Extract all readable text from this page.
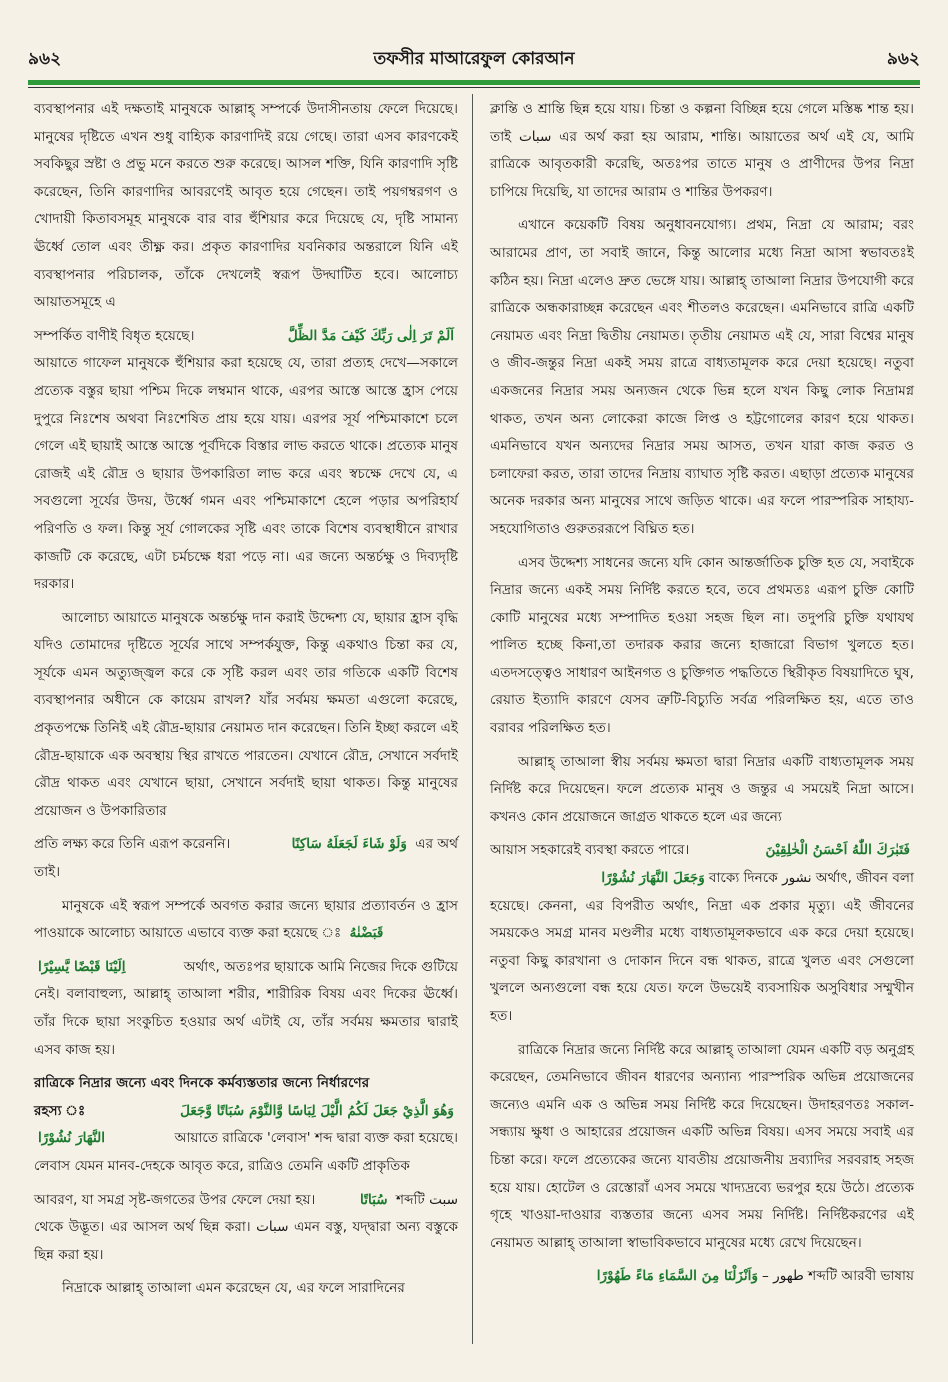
৯৬২	তফসীর মাআরেফুল কোরআন	৯৬২

ব্যবস্থাপনার এই দক্ষতাই মানুষকে আল্লাহ্ সম্পর্কে উদাসীনতায় ফেলে দিয়েছে। মানুষের দৃষ্টিতে এখন শুধু বাহ্যিক কারণাদিই রয়ে গেছে। তারা এসব কারণকেই সবকিছুর স্রষ্টা ও প্রভু মনে করতে শুরু করেছে। আসল শক্তি, যিনি কারণাদি সৃষ্টি করেছেন, তিনি কারণাদির আবরণেই আবৃত হয়ে গেছেন। তাই পয়গম্বরগণ ও খোদায়ী কিতাবসমূহ মানুষকে বার বার হুঁশিয়ার করে দিয়েছে যে, দৃষ্টি সামান্য ঊর্ধ্বে তোল এবং তীক্ষ্ণ কর। প্রকৃত কারণাদির যবনিকার অন্তরালে যিনি এই ব্যবস্থাপনার পরিচালক, তাঁকে দেখলেই স্বরূপ উদ্ঘাটিত হবে। আলোচ্য আয়াতসমূহে এ

সম্পর্কিত বাণীই বিধৃত হয়েছে।	اَلَمْ تَرَ اِلٰى رَبِّكَ كَيْفَ مَدَّ الظِّلَّ

আয়াতে গাফেল মানুষকে হুঁশিয়ার করা হয়েছে যে, তারা প্রত্যহ দেখে—সকালে প্রত্যেক বস্তুর ছায়া পশ্চিম দিকে লম্বমান থাকে, এরপর আস্তে আস্তে হ্রাস পেয়ে দুপুরে নিঃশেষ অথবা নিঃশেষিত প্রায় হয়ে যায়। এরপর সূর্য পশ্চিমাকাশে চলে গেলে এই ছায়াই আস্তে আস্তে পূর্বদিকে বিস্তার লাভ করতে থাকে। প্রত্যেক মানুষ রোজই এই রৌদ্র ও ছায়ার উপকারিতা লাভ করে এবং স্বচক্ষে দেখে যে, এ সবগুলো সূর্যের উদয়, উর্ধ্বে গমন এবং পশ্চিমাকাশে হেলে পড়ার অপরিহার্য পরিণতি ও ফল। কিন্তু সূর্য গোলকের সৃষ্টি এবং তাকে বিশেষ ব্যবস্থাধীনে রাখার কাজটি কে করেছে, এটা চর্মচক্ষে ধরা পড়ে না। এর জন্যে অন্তর্চক্ষু ও দিব্যদৃষ্টি দরকার।

আলোচ্য আয়াতে মানুষকে অন্তর্চক্ষু দান করাই উদ্দেশ্য যে, ছায়ার হ্রাস বৃদ্ধি যদিও তোমাদের দৃষ্টিতে সূর্যের সাথে সম্পর্কযুক্ত, কিন্তু একথাও চিন্তা কর যে, সূর্যকে এমন অত্যুজ্জ্বল করে কে সৃষ্টি করল এবং তার গতিকে একটি বিশেষ ব্যবস্থাপনার অধীনে কে কায়েম রাখল? যাঁর সর্বময় ক্ষমতা এগুলো করেছে, প্রকৃতপক্ষে তিনিই এই রৌদ্র-ছায়ার নেয়ামত দান করেছেন। তিনি ইচ্ছা করলে এই রৌদ্র-ছায়াকে এক অবস্থায় স্থির রাখতে পারতেন। যেখানে রৌদ্র, সেখানে সর্বদাই রৌদ্র থাকত এবং যেখানে ছায়া, সেখানে সর্বদাই ছায়া থাকত। কিন্তু মানুষের প্রয়োজন ও উপকারিতার

প্রতি লক্ষ্য করে তিনি এরূপ করেননি।	وَلَوْ شَاءَ لَجَعَلَهُ سَاكِنًا এর অর্থ

তাই।

মানুষকে এই স্বরূপ সম্পর্কে অবগত করার জন্যে ছায়ার প্রত্যাবর্তন ও হ্রাস পাওয়াকে আলোচ্য আয়াতে এভাবে ব্যক্ত করা হয়েছে ঃ قَبَضْنٰهُ

اِلَيْنَا قَبْضًا يَّسِيْرًا	অর্থাৎ, অতঃপর ছায়াকে আমি নিজের দিকে গুটিয়ে

নেই। বলাবাহুল্য, আল্লাহ্ তাআলা শরীর, শারীরিক বিষয় এবং দিকের ঊর্ধ্বে। তাঁর দিকে ছায়া সংকুচিত হওয়ার অর্থ এটাই যে, তাঁর সর্বময় ক্ষমতার দ্বারাই এসব কাজ হয়।

রাত্রিকে নিদ্রার জন্যে এবং দিনকে কর্মব্যস্ততার জন্যে নির্ধারণের
রহস্য ঃ	وَهُوَ الَّذِيْ جَعَلَ لَكُمُ الَّيْلَ لِبَاسًا وَّالنَّوْمَ سُبَاتًا وَّجَعَلَ
النَّهَارَ نُشُوْرًا	আয়াতে রাত্রিকে 'লেবাস' শব্দ দ্বারা ব্যক্ত করা হয়েছে।

লেবাস যেমন মানব-দেহকে আবৃত করে, রাত্রিও তেমনি একটি প্রাকৃতিক

আবরণ, যা সমগ্র সৃষ্ট-জগতের উপর ফেলে দেয়া হয়।	سُبَاتًا শব্দটি سبت

থেকে উদ্ভূত। এর আসল অর্থ ছিন্ন করা। سبات এমন বস্তু, যদ্দ্বারা অন্য বস্তুকে ছিন্ন করা হয়।

নিদ্রাকে আল্লাহ্ তাআলা এমন করেছেন যে, এর ফলে সারাদিনের

ক্লান্তি ও শ্রান্তি ছিন্ন হয়ে যায়। চিন্তা ও কল্পনা বিচ্ছিন্ন হয়ে গেলে মস্তিষ্ক শান্ত হয়। তাই سبات এর অর্থ করা হয় আরাম, শান্তি। আয়াতের অর্থ এই যে, আমি রাত্রিকে আবৃতকারী করেছি, অতঃপর তাতে মানুষ ও প্রাণীদের উপর নিদ্রা চাপিয়ে দিয়েছি, যা তাদের আরাম ও শান্তির উপকরণ।

এখানে কয়েকটি বিষয় অনুধাবনযোগ্য। প্রথম, নিদ্রা যে আরাম; বরং আরামের প্রাণ, তা সবাই জানে, কিন্তু আলোর মধ্যে নিদ্রা আসা স্বভাবতঃই কঠিন হয়। নিদ্রা এলেও দ্রুত ভেঙ্গে যায়। আল্লাহ্ তাআলা নিদ্রার উপযোগী করে রাত্রিকে অন্ধকারাচ্ছন্ন করেছেন এবং শীতলও করেছেন। এমনিভাবে রাত্রি একটি নেয়ামত এবং নিদ্রা দ্বিতীয় নেয়ামত। তৃতীয় নেয়ামত এই যে, সারা বিশ্বের মানুষ ও জীব-জন্তুর নিদ্রা একই সময় রাত্রে বাধ্যতামূলক করে দেয়া হয়েছে। নতুবা একজনের নিদ্রার সময় অন্যজন থেকে ভিন্ন হলে যখন কিছু লোক নিদ্রামগ্ন থাকত, তখন অন্য লোকেরা কাজে লিপ্ত ও হট্টগোলের কারণ হয়ে থাকত। এমনিভাবে যখন অন্যদের নিদ্রার সময় আসত, তখন যারা কাজ করত ও চলাফেরা করত, তারা তাদের নিদ্রায় ব্যাঘাত সৃষ্টি করত। এছাড়া প্রত্যেক মানুষের অনেক দরকার অন্য মানুষের সাথে জড়িত থাকে। এর ফলে পারস্পরিক সাহায্য-সহযোগিতাও গুরুতররূপে বিঘ্নিত হত।

এসব উদ্দেশ্য সাধনের জন্যে যদি কোন আন্তর্জাতিক চুক্তি হত যে, সবাইকে নিদ্রার জন্যে একই সময় নির্দিষ্ট করতে হবে, তবে প্রথমতঃ এরূপ চুক্তি কোটি কোটি মানুষের মধ্যে সম্পাদিত হওয়া সহজ ছিল না। তদুপরি চুক্তি যথাযথ পালিত হচ্ছে কিনা,তা তদারক করার জন্যে হাজারো বিভাগ খুলতে হত। এতদসত্ত্বেও সাধারণ আইনগত ও চুক্তিগত পদ্ধতিতে স্থিরীকৃত বিষয়াদিতে ঘুষ, রেয়াত ইত্যাদি কারণে যেসব ত্রুটি-বিচ্যুতি সর্বত্র পরিলক্ষিত হয়, এতে তাও বরাবর পরিলক্ষিত হত।

আল্লাহ্ তাআলা স্বীয় সর্বময় ক্ষমতা দ্বারা নিদ্রার একটি বাধ্যতামূলক সময় নির্দিষ্ট করে দিয়েছেন। ফলে প্রত্যেক মানুষ ও জন্তুর এ সময়েই নিদ্রা আসে। কখনও কোন প্রয়োজনে জাগ্রত থাকতে হলে এর জন্যে

আয়াস সহকারেই ব্যবস্থা করতে পারে।	فَتَبٰرَكَ اللّٰهُ اَحْسَنُ الْخٰلِقِيْنَ
وَجَعَلَ النَّهَارَ نُشُوْرًا বাক্যে দিনকে نشور অর্থাৎ, জীবন বলা

হয়েছে। কেননা, এর বিপরীত অর্থাৎ, নিদ্রা এক প্রকার মৃত্যু। এই জীবনের সময়কেও সমগ্র মানব মণ্ডলীর মধ্যে বাধ্যতামূলকভাবে এক করে দেয়া হয়েছে। নতুবা কিছু কারখানা ও দোকান দিনে বন্ধ থাকত, রাত্রে খুলত এবং সেগুলো খুললে অন্যগুলো বন্ধ হয়ে যেত। ফলে উভয়েই ব্যবসায়িক অসুবিধার সম্মুখীন হত।

রাত্রিকে নিদ্রার জন্যে নির্দিষ্ট করে আল্লাহ্ তাআলা যেমন একটি বড় অনুগ্রহ করেছেন, তেমনিভাবে জীবন ধারণের অন্যান্য পারস্পরিক অভিন্ন প্রয়োজনের জন্যেও এমনি এক ও অভিন্ন সময় নির্দিষ্ট করে দিয়েছেন। উদাহরণতঃ সকাল-সন্ধ্যায় ক্ষুধা ও আহারের প্রয়োজন একটি অভিন্ন বিষয়। এসব সময়ে সবাই এর চিন্তা করে। ফলে প্রত্যেকের জন্যে যাবতীয় প্রয়োজনীয় দ্রব্যাদির সরবরাহ সহজ হয়ে যায়। হোটেল ও রেস্তোরাঁ এসব সময়ে খাদ্যদ্রব্যে ভরপুর হয়ে উঠে। প্রত্যেক গৃহে খাওয়া-দাওয়ার ব্যস্ততার জন্যে এসব সময় নির্দিষ্ট। নির্দিষ্টকরণের এই নেয়ামত আল্লাহ্ তাআলা স্বাভাবিকভাবে মানুষের মধ্যে রেখে দিয়েছেন।

وَاَنْزَلْنَا مِنَ السَّمَاءِ مَاءً طَهُوْرًا – طهور শব্দটি আরবী ভাষায়
